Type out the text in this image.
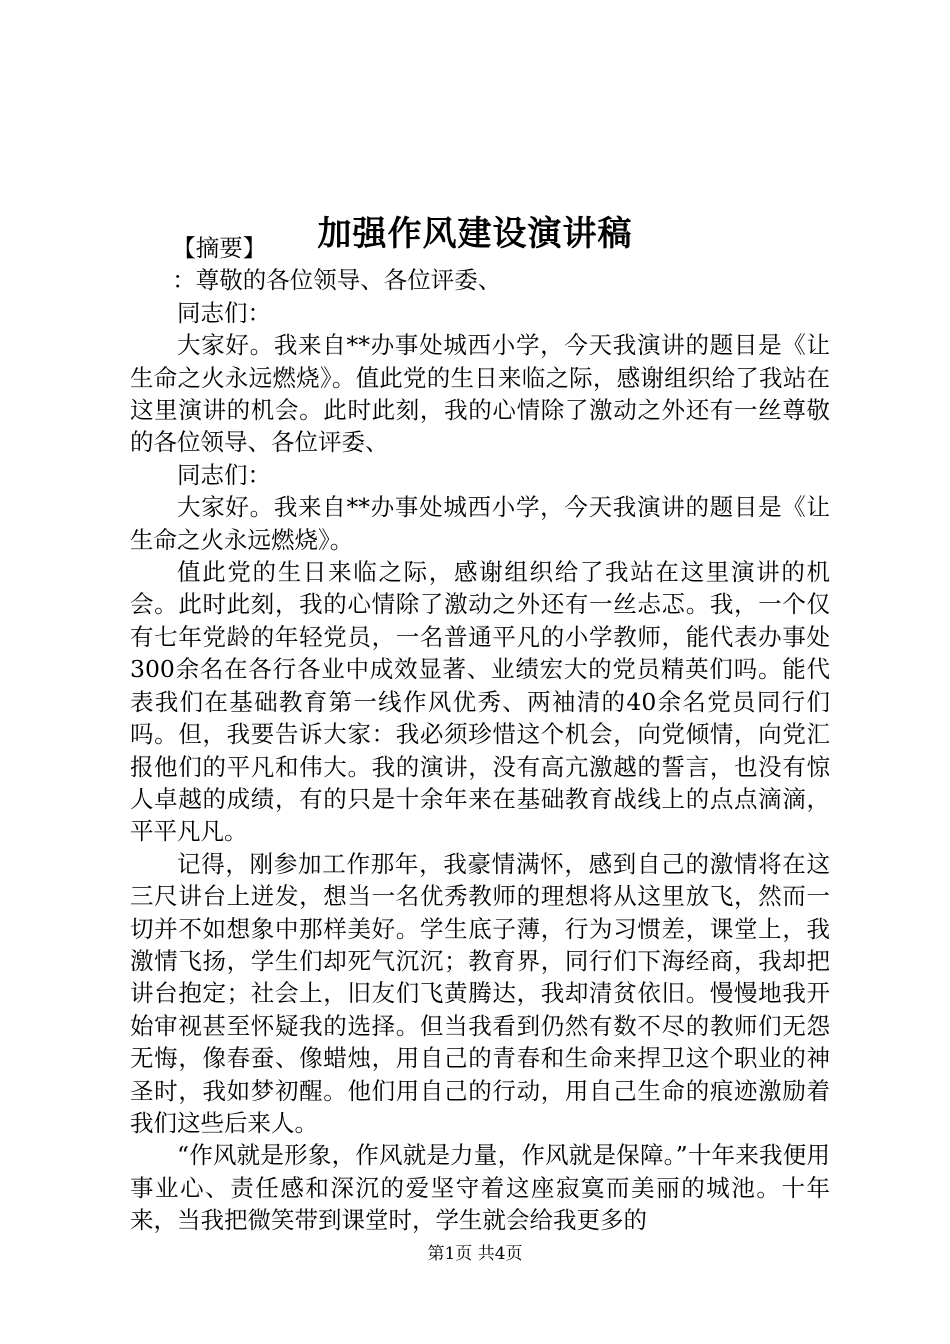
加强作风建设演讲稿

【摘要】

：尊敬的各位领导、各位评委、

同志们：

大家好。我来自**办事处城西小学，今天我演讲的题目是《让生命之火永远燃烧》。值此党的生日来临之际，感谢组织给了我站在这里演讲的机会。此时此刻，我的心情除了激动之外还有一丝尊敬的各位领导、各位评委、

同志们：

大家好。我来自**办事处城西小学，今天我演讲的题目是《让生命之火永远燃烧》。

值此党的生日来临之际，感谢组织给了我站在这里演讲的机会。此时此刻，我的心情除了激动之外还有一丝忐忑。我，一个仅有七年党龄的年轻党员，一名普通平凡的小学教师，能代表办事处300余名在各行各业中成效显著、业绩宏大的党员精英们吗。能代表我们在基础教育第一线作风优秀、两袖清的40余名党员同行们吗。但，我要告诉大家：我必须珍惜这个机会，向党倾情，向党汇报他们的平凡和伟大。我的演讲，没有高亢激越的誓言，也没有惊人卓越的成绩，有的只是十余年来在基础教育战线上的点点滴滴，平平凡凡。

记得，刚参加工作那年，我豪情满怀，感到自己的激情将在这三尺讲台上迸发，想当一名优秀教师的理想将从这里放飞，然而一切并不如想象中那样美好。学生底子薄，行为习惯差，课堂上，我激情飞扬，学生们却死气沉沉；教育界，同行们下海经商，我却把讲台抱定；社会上，旧友们飞黄腾达，我却清贫依旧。慢慢地我开始审视甚至怀疑我的选择。但当我看到仍然有数不尽的教师们无怨无悔，像春蚕、像蜡烛，用自己的青春和生命来捍卫这个职业的神圣时，我如梦初醒。他们用自己的行动，用自己生命的痕迹激励着我们这些后来人。

“作风就是形象，作风就是力量，作风就是保障。”十年来我便用事业心、责任感和深沉的爱坚守着这座寂寞而美丽的城池。十年来，当我把微笑带到课堂时，学生就会给我更多的

第1页 共4页
